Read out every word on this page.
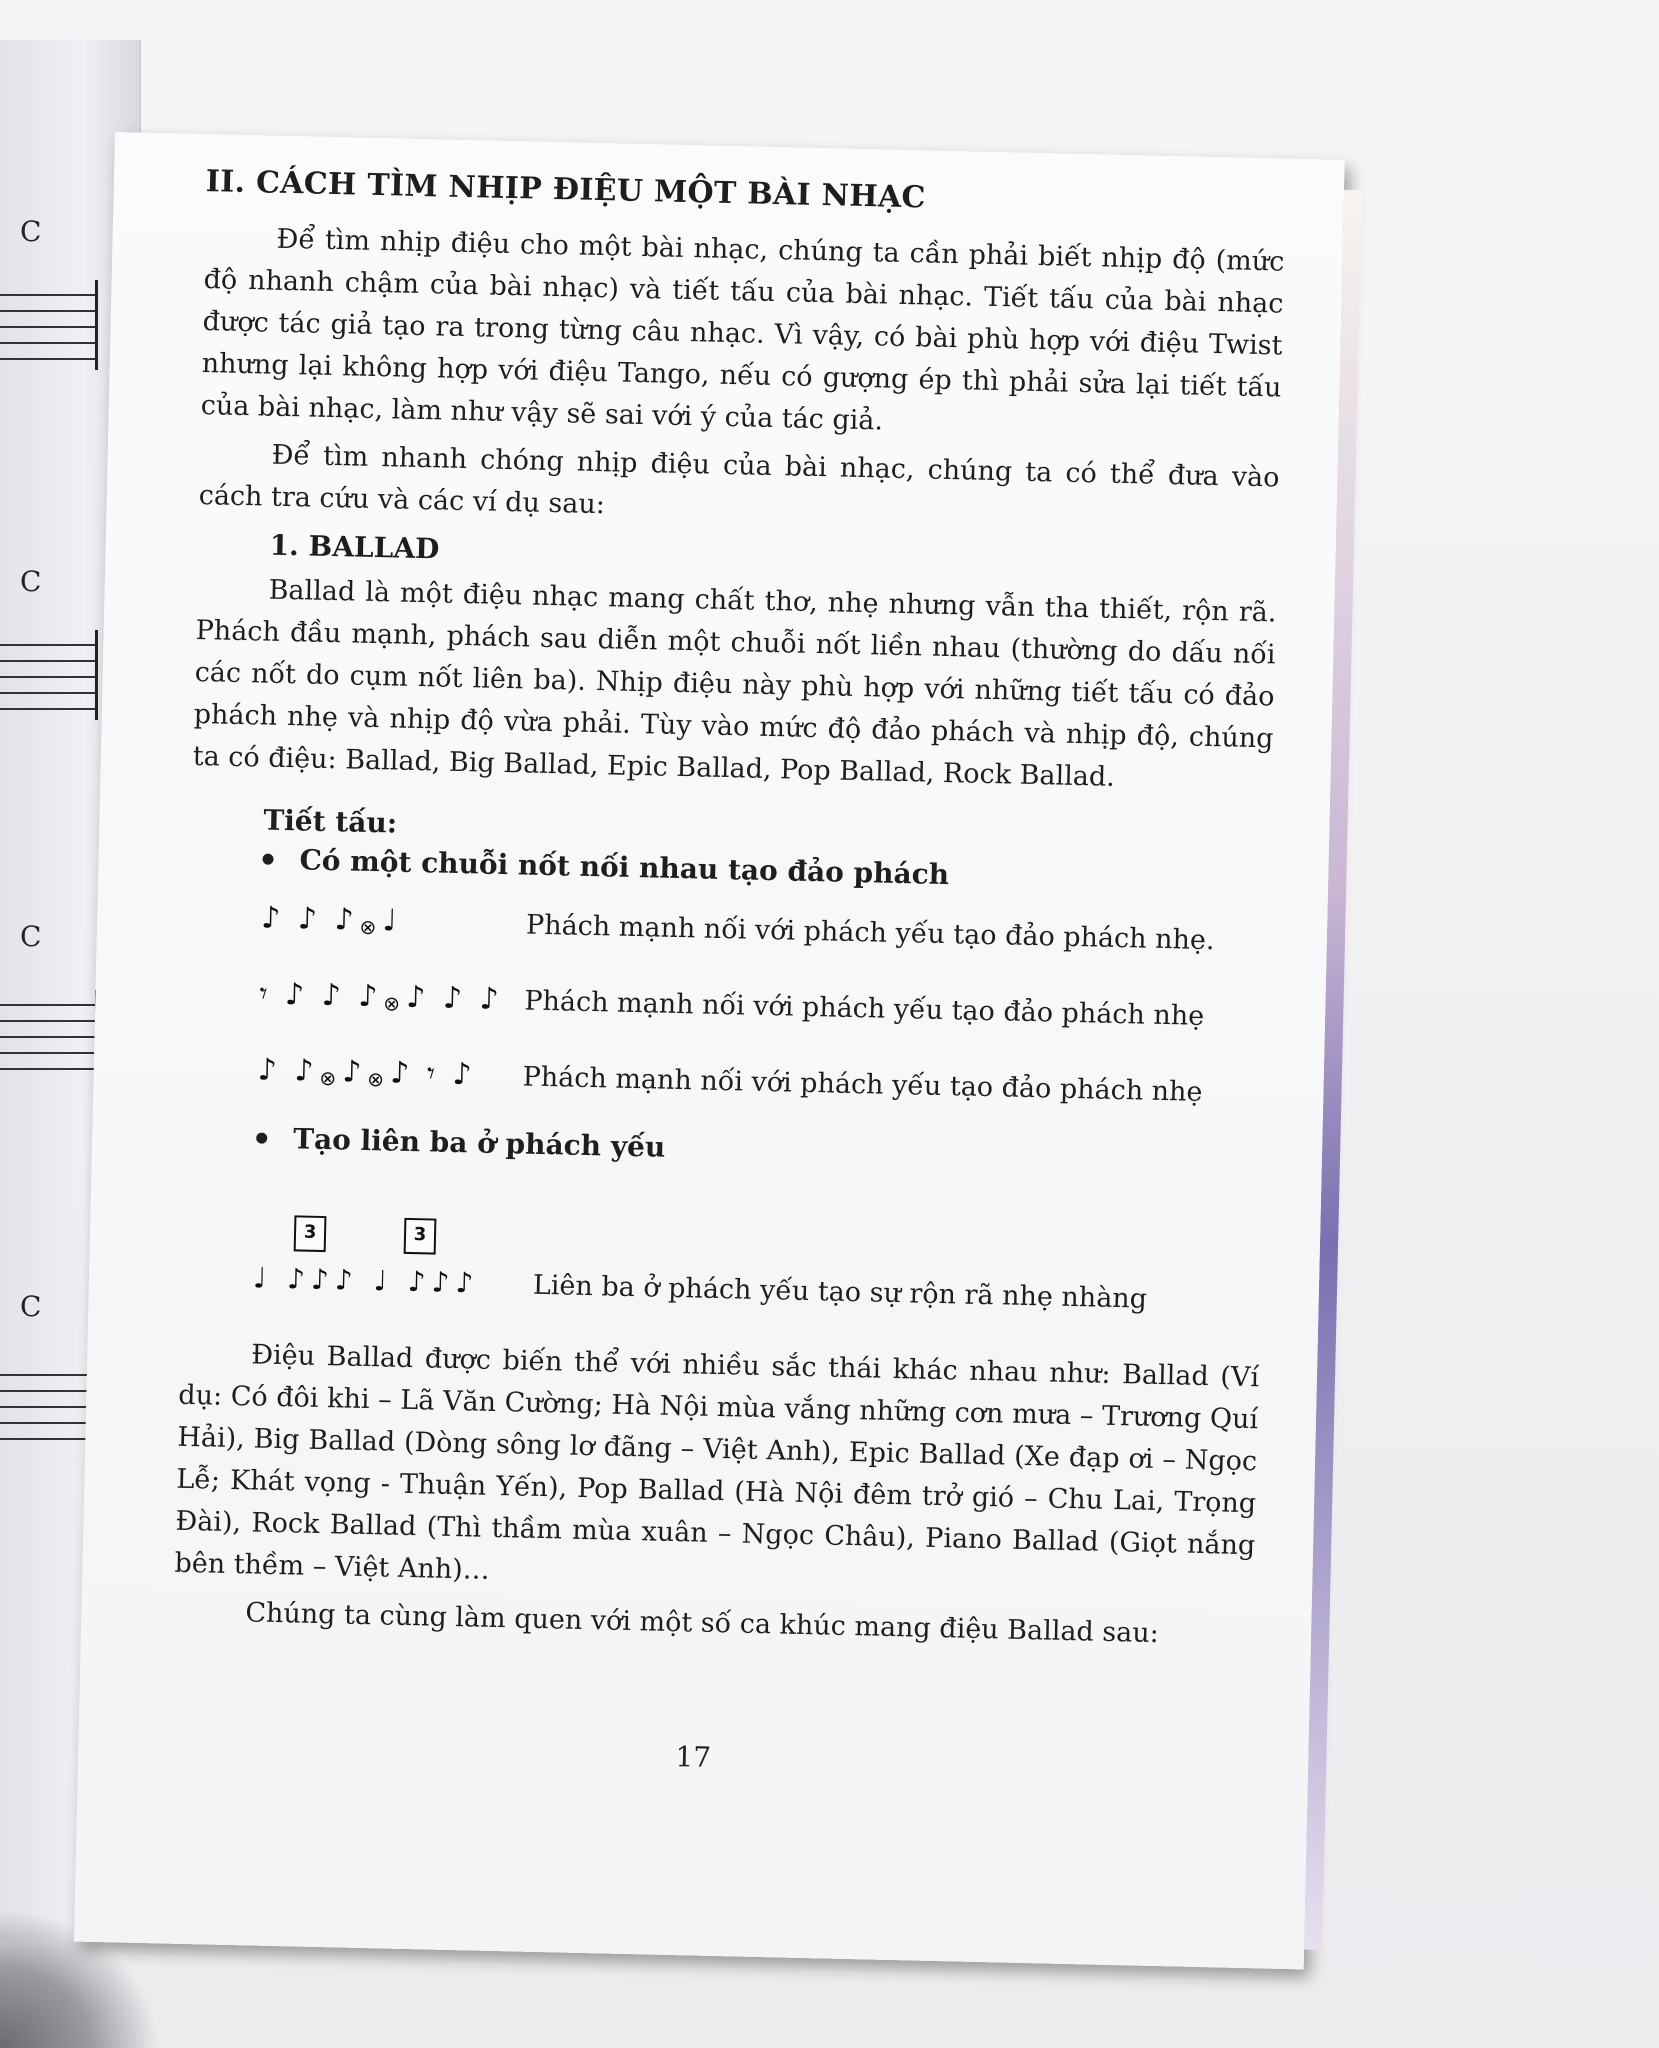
C
C
C
C
II. CÁCH TÌM NHỊP ĐIỆU MỘT BÀI NHẠC

Để tìm nhịp điệu cho một bài nhạc, chúng ta cần phải biết nhịp độ (mức độ nhanh chậm của bài nhạc) và tiết tấu của bài nhạc. Tiết tấu của bài nhạc được tác giả tạo ra trong từng câu nhạc. Vì vậy, có bài phù hợp với điệu Twist nhưng lại không hợp với điệu Tango, nếu có gượng ép thì phải sửa lại tiết tấu của bài nhạc, làm như vậy sẽ sai với ý của tác giả.

Để tìm nhanh chóng nhịp điệu của bài nhạc, chúng ta có thể đưa vào cách tra cứu và các ví dụ sau:

1. BALLAD

Ballad là một điệu nhạc mang chất thơ, nhẹ nhưng vẫn tha thiết, rộn rã. Phách đầu mạnh, phách sau diễn một chuỗi nốt liền nhau (thường do dấu nối các nốt do cụm nốt liên ba). Nhịp điệu này phù hợp với những tiết tấu có đảo phách nhẹ và nhịp độ vừa phải. Tùy vào mức độ đảo phách và nhịp độ, chúng ta có điệu: Ballad, Big Ballad, Epic Ballad, Pop Ballad, Rock Ballad.

Tiết tấu:
Có một chuỗi nốt nối nhau tạo đảo phách
♪ ♪ ♪⊗♩	Phách mạnh nối với phách yếu tạo đảo phách nhẹ.
𝄾 ♪ ♪ ♪⊗♪ ♪ ♪ Phách mạnh nối với phách yếu tạo đảo phách nhẹ
♪ ♪⊗♪⊗♪ 𝄾 ♪	Phách mạnh nối với phách yếu tạo đảo phách nhẹ
Tạo liên ba ở phách yếu
3	3
♩ ♪♪♪ ♩ ♪♪♪ Liên ba ở phách yếu tạo sự rộn rã nhẹ nhàng

Điệu Ballad được biến thể với nhiều sắc thái khác nhau như: Ballad (Ví dụ: Có đôi khi – Lã Văn Cường; Hà Nội mùa vắng những cơn mưa – Trương Quí Hải), Big Ballad (Dòng sông lơ đãng – Việt Anh), Epic Ballad (Xe đạp ơi – Ngọc Lễ; Khát vọng - Thuận Yến), Pop Ballad (Hà Nội đêm trở gió – Chu Lai, Trọng Đài), Rock Ballad (Thì thầm mùa xuân – Ngọc Châu), Piano Ballad (Giọt nắng bên thềm – Việt Anh)…

Chúng ta cùng làm quen với một số ca khúc mang điệu Ballad sau:

17
